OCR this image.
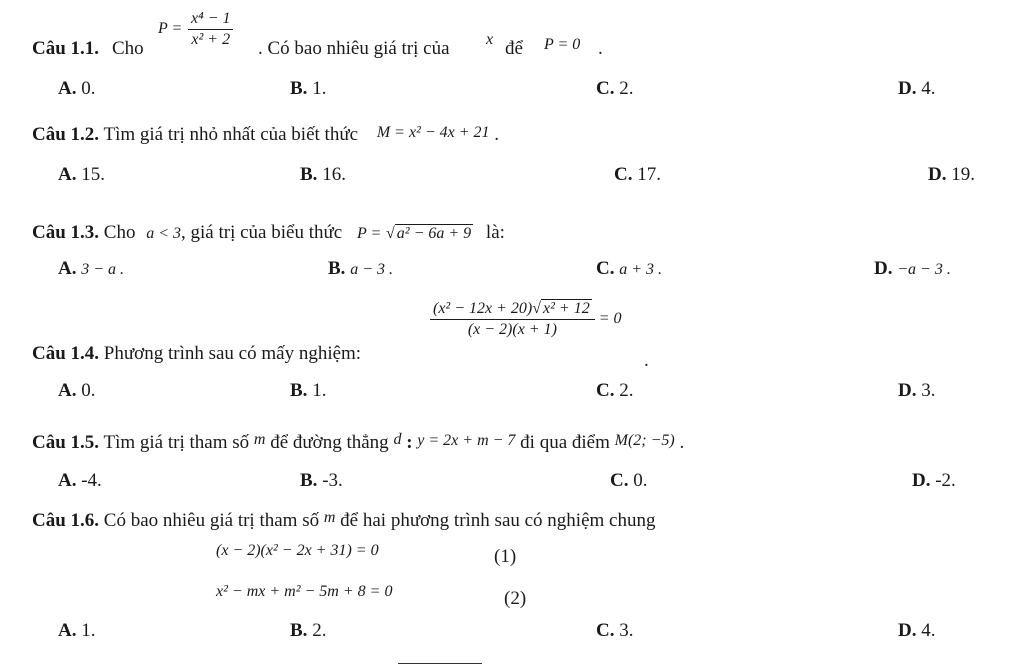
Câu 1.1. Cho
$P = \frac{\text{x⁴ − 1}}{\text{x² + 2}}$ . Có bao nhiêu giá trị của x để P = 0 .
A. 0.	B. 1.	C. 2.	D. 4.
Câu 1.2. Tìm giá trị nhỏ nhất của biết thức M = x² − 4x + 21 .
A. 15.	B. 16.	C. 17.	D. 19.
Câu 1.3. Cho a < 3, giá trị của biểu thức P = √ a² − 6a + 9 là:
A. 3 − a .	B. a − 3 .	C. a + 3 .	D. −a − 3 .
Câu 1.4. Phương trình sau có mấy nghiệm:
$\frac{\text{(x² − 12x + 20)√ x² + 12}}{(x - 2)(x + 1)} = 0$
.
A. 0.	B. 1.	C. 2.	D. 3.
Câu 1.5. Tìm giá trị tham số $^m$ để đường thẳng $^d$ : y = 2x + m − 7 đi qua điểm M(2; −5) .
A. -4.	B. -3.	C. 0.	D. -2.
Câu 1.6. Có bao nhiêu giá trị tham số $^m$ để hai phương trình sau có nghiệm chung
(x − 2)(x² − 2x + 31) = 0	(1)
x² − mx + m² − 5m + 8 = 0	(2)
A. 1.	B. 2.	C. 3.	D. 4.
